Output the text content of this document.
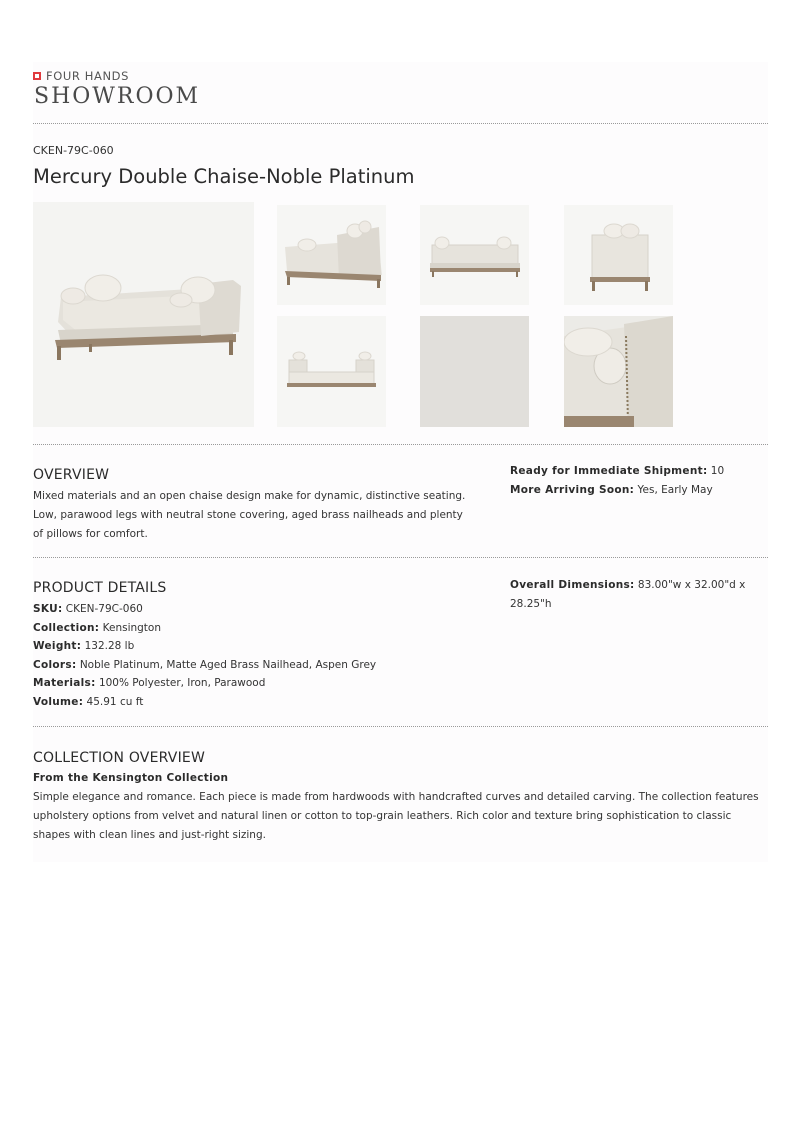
FOUR HANDS
SHOWROOM
CKEN-79C-060
Mercury Double Chaise-Noble Platinum
OVERVIEW
Mixed materials and an open chaise design make for dynamic, distinctive seating. Low, parawood legs with neutral stone covering, aged brass nailheads and plenty of pillows for comfort.
Ready for Immediate Shipment: 10
More Arriving Soon: Yes, Early May
PRODUCT DETAILS
SKU: CKEN-79C-060
Collection: Kensington
Weight: 132.28 lb
Colors: Noble Platinum, Matte Aged Brass Nailhead, Aspen Grey
Materials: 100% Polyester, Iron, Parawood
Volume: 45.91 cu ft
Overall Dimensions: 83.00"w x 32.00"d x 28.25"h
COLLECTION OVERVIEW
From the Kensington Collection
Simple elegance and romance. Each piece is made from hardwoods with handcrafted curves and detailed carving. The collection features upholstery options from velvet and natural linen or cotton to top-grain leathers. Rich color and texture bring sophistication to classic shapes with clean lines and just-right sizing.
